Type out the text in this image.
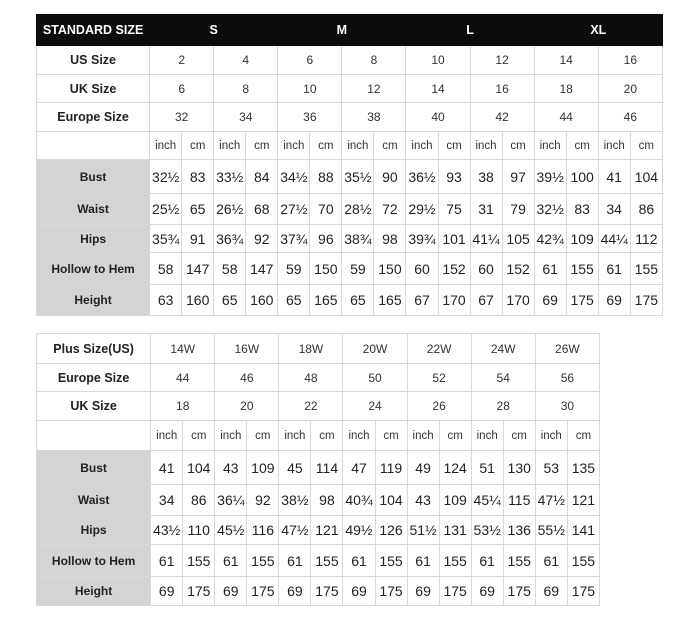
STANDARD SIZE	S				M				L				XL			
US Size	2		4		6		8		10		12		14		16	
UK Size	6		8		10		12		14		16		18		20	
Europe Size	32		34		36		38		40		42		44		46	
	inch	cm	inch	cm	inch	cm	inch	cm	inch	cm	inch	cm	inch	cm	inch	cm
Bust	32½	83	33½	84	34½	88	35½	90	36½	93	38	97	39½	100	41	104
Waist	25½	65	26½	68	27½	70	28½	72	29½	75	31	79	32½	83	34	86
Hips	35¾	91	36¾	92	37¾	96	38¾	98	39¾	101	41¼	105	42¾	109	44¼	112
Hollow to Hem	58	147	58	147	59	150	59	150	60	152	60	152	61	155	61	155
Height	63	160	65	160	65	165	65	165	67	170	67	170	69	175	69	175
Plus Size(US)	14W		16W		18W		20W		22W		24W		26W	
Europe Size	44		46		48		50		52		54		56	
UK Size	18		20		22		24		26		28		30	
	inch	cm	inch	cm	inch	cm	inch	cm	inch	cm	inch	cm	inch	cm
Bust	41	104	43	109	45	114	47	119	49	124	51	130	53	135
Waist	34	86	36¼	92	38½	98	40¾	104	43	109	45¼	115	47½	121
Hips	43½	110	45½	116	47½	121	49½	126	51½	131	53½	136	55½	141
Hollow to Hem	61	155	61	155	61	155	61	155	61	155	61	155	61	155
Height	69	175	69	175	69	175	69	175	69	175	69	175	69	175
